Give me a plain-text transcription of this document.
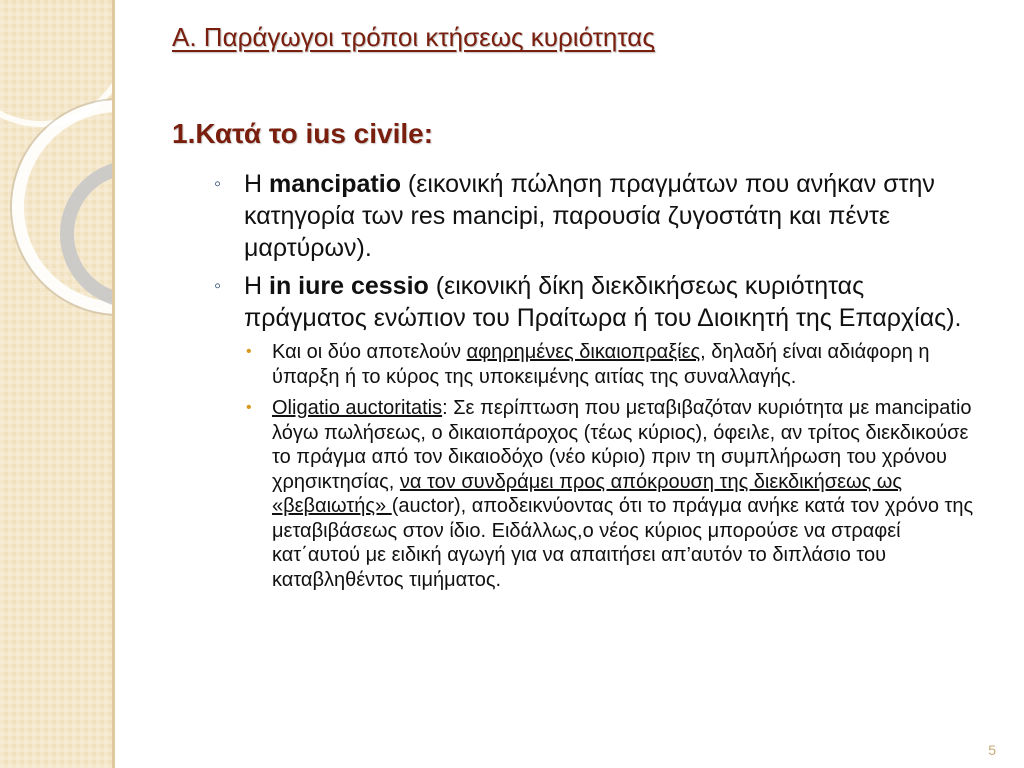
A. Παράγωγοι τρόποι κτήσεως κυριότητας
1.Κατά το ius civile:
◦ Η mancipatio (εικονική πώληση πραγμάτων που ανήκαν στην κατηγορία των res mancipi, παρουσία ζυγοστάτη και πέντε μαρτύρων).
◦ Η in iure cessio (εικονική δίκη διεκδικήσεως κυριότητας πράγματος ενώπιον του Πραίτωρα ή του Διοικητή της Επαρχίας).
• Και οι δύο αποτελούν αφηρημένες δικαιοπραξίες, δηλαδή είναι αδιάφορη η ύπαρξη ή το κύρος της υποκειμένης αιτίας της συναλλαγής.
• Oligatio auctoritatis: Σε περίπτωση που μεταβιβαζόταν κυριότητα με mancipatio λόγω πωλήσεως, ο δικαιοπάροχος (τέως κύριος), όφειλε, αν τρίτος διεκδικούσε το πράγμα από τον δικαιοδόχο (νέο κύριο) πριν τη συμπλήρωση του χρόνου χρησικτησίας, να τον συνδράμει προς απόκρουση της διεκδικήσεως ως «βεβαιωτής» (auctor), αποδεικνύοντας ότι το πράγμα ανήκε κατά τον χρόνο της μεταβιβάσεως στον ίδιο. Ειδάλλως,ο νέος κύριος μπορούσε να στραφεί κατ΄αυτού με ειδική αγωγή για να απαιτήσει απ’αυτόν το διπλάσιο του καταβληθέντος τιμήματος.
5
